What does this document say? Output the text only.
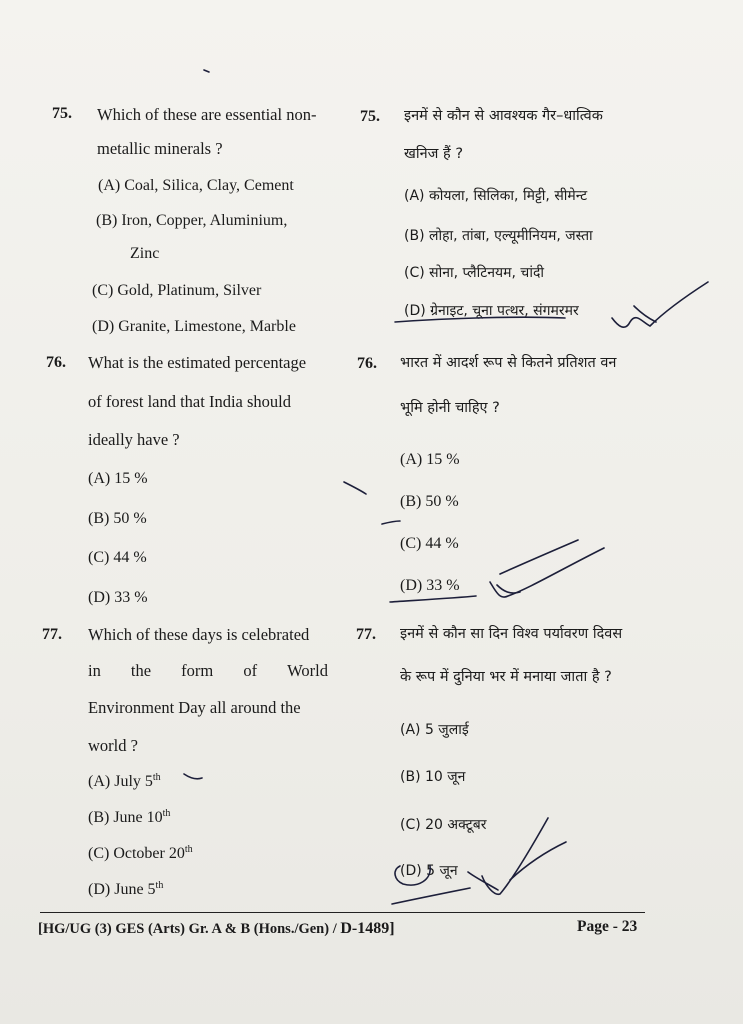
75. Which of these are essential non-
metallic minerals ?
(A) Coal, Silica, Clay, Cement
(B) Iron, Copper, Aluminium,
Zinc
(C) Gold, Platinum, Silver
(D) Granite, Limestone, Marble
75. इनमें से कौन से आवश्यक गैर–धात्विक
खनिज हैं ?
(A) कोयला, सिलिका, मिट्टी, सीमेन्ट
(B) लोहा, तांबा, एल्यूमीनियम, जस्ता
(C) सोना, प्लैटिनयम, चांदी
(D) ग्रेनाइट, चूना पत्थर, संगमरमर
76. What is the estimated percentage
of forest land that India should
ideally have ?
(A) 15 %
(B) 50 %
(C) 44 %
(D) 33 %
76. भारत में आदर्श रूप से कितने प्रतिशत वन
भूमि होनी चाहिए ?
(A) 15 %
(B) 50 %
(C) 44 %
(D) 33 %
77. Which of these days is celebrated
in the form of World
Environment Day all around the
world ?
(A) July 5th
(B) June 10th
(C) October 20th
(D) June 5th
77. इनमें से कौन सा दिन विश्व पर्यावरण दिवस
के रूप में दुनिया भर में मनाया जाता है ?
(A) 5 जुलाई
(B) 10 जून
(C) 20 अक्टूबर
(D) 5 जून
[HG/UG (3) GES (Arts) Gr. A & B (Hons./Gen) / D-1489]	Page - 23
